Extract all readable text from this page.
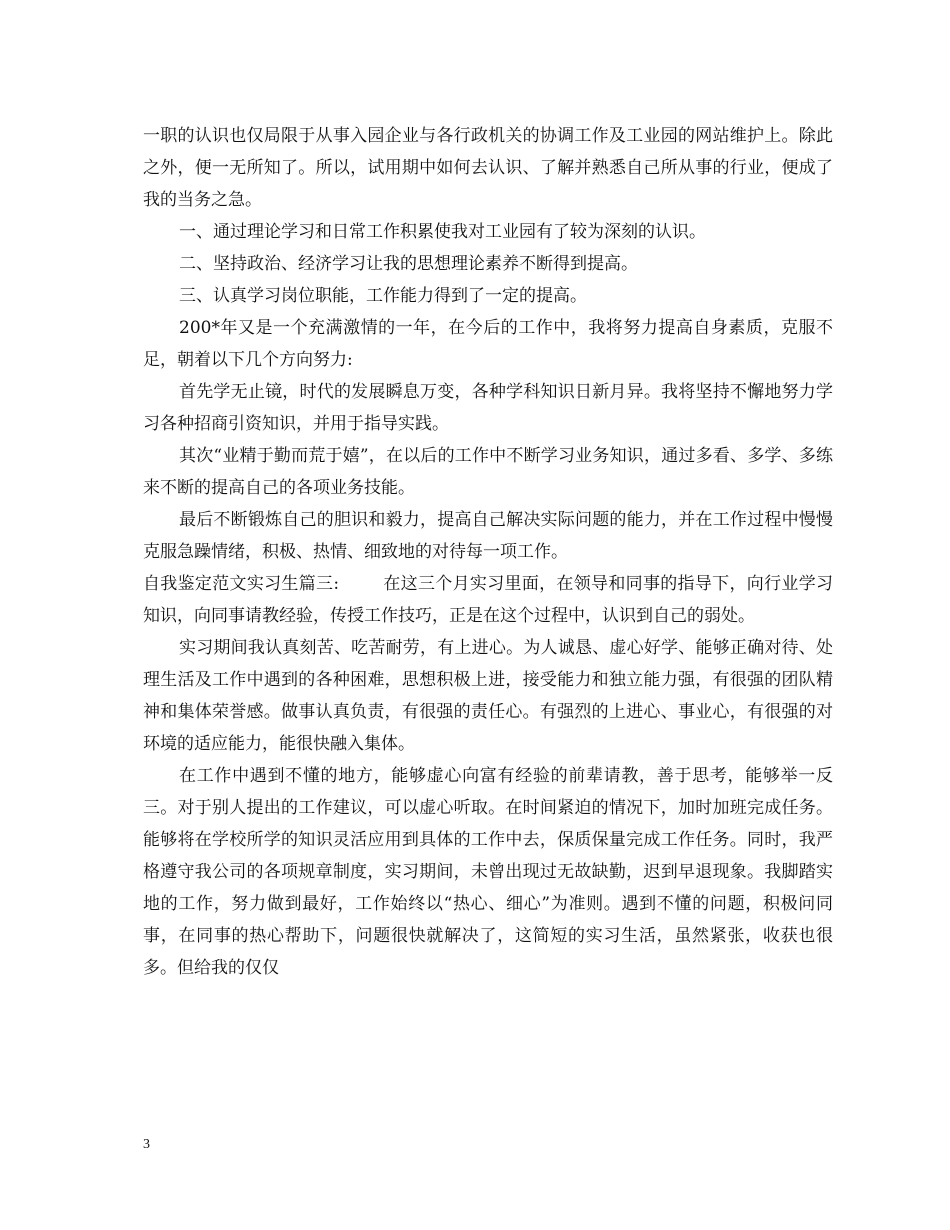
一职的认识也仅局限于从事入园企业与各行政机关的协调工作及工业园的网站维护上。除此之外，便一无所知了。所以，试用期中如何去认识、了解并熟悉自己所从事的行业，便成了我的当务之急。

一、通过理论学习和日常工作积累使我对工业园有了较为深刻的认识。

二、坚持政治、经济学习让我的思想理论素养不断得到提高。

三、认真学习岗位职能，工作能力得到了一定的提高。

200*年又是一个充满激情的一年，在今后的工作中，我将努力提高自身素质，克服不足，朝着以下几个方向努力:

首先学无止镜，时代的发展瞬息万变，各种学科知识日新月异。我将坚持不懈地努力学习各种招商引资知识，并用于指导实践。

其次“业精于勤而荒于嬉”，在以后的工作中不断学习业务知识，通过多看、多学、多练来不断的提高自己的各项业务技能。

最后不断锻炼自己的胆识和毅力，提高自己解决实际问题的能力，并在工作过程中慢慢克服急躁情绪，积极、热情、细致地的对待每一项工作。

自我鉴定范文实习生篇三:	在这三个月实习里面，在领导和同事的指导下，向行业学习知识，向同事请教经验，传授工作技巧，正是在这个过程中，认识到自己的弱处。

实习期间我认真刻苦、吃苦耐劳，有上进心。为人诚恳、虚心好学、能够正确对待、处理生活及工作中遇到的各种困难，思想积极上进，接受能力和独立能力强，有很强的团队精神和集体荣誉感。做事认真负责，有很强的责任心。有强烈的上进心、事业心，有很强的对环境的适应能力，能很快融入集体。

在工作中遇到不懂的地方，能够虚心向富有经验的前辈请教，善于思考，能够举一反三。对于别人提出的工作建议，可以虚心听取。在时间紧迫的情况下，加时加班完成任务。能够将在学校所学的知识灵活应用到具体的工作中去，保质保量完成工作任务。同时，我严格遵守我公司的各项规章制度，实习期间，未曾出现过无故缺勤，迟到早退现象。我脚踏实地的工作，努力做到最好，工作始终以“热心、细心”为准则。遇到不懂的问题，积极问同事，在同事的热心帮助下，问题很快就解决了，这简短的实习生活，虽然紧张，收获也很多。但给我的仅仅

3
